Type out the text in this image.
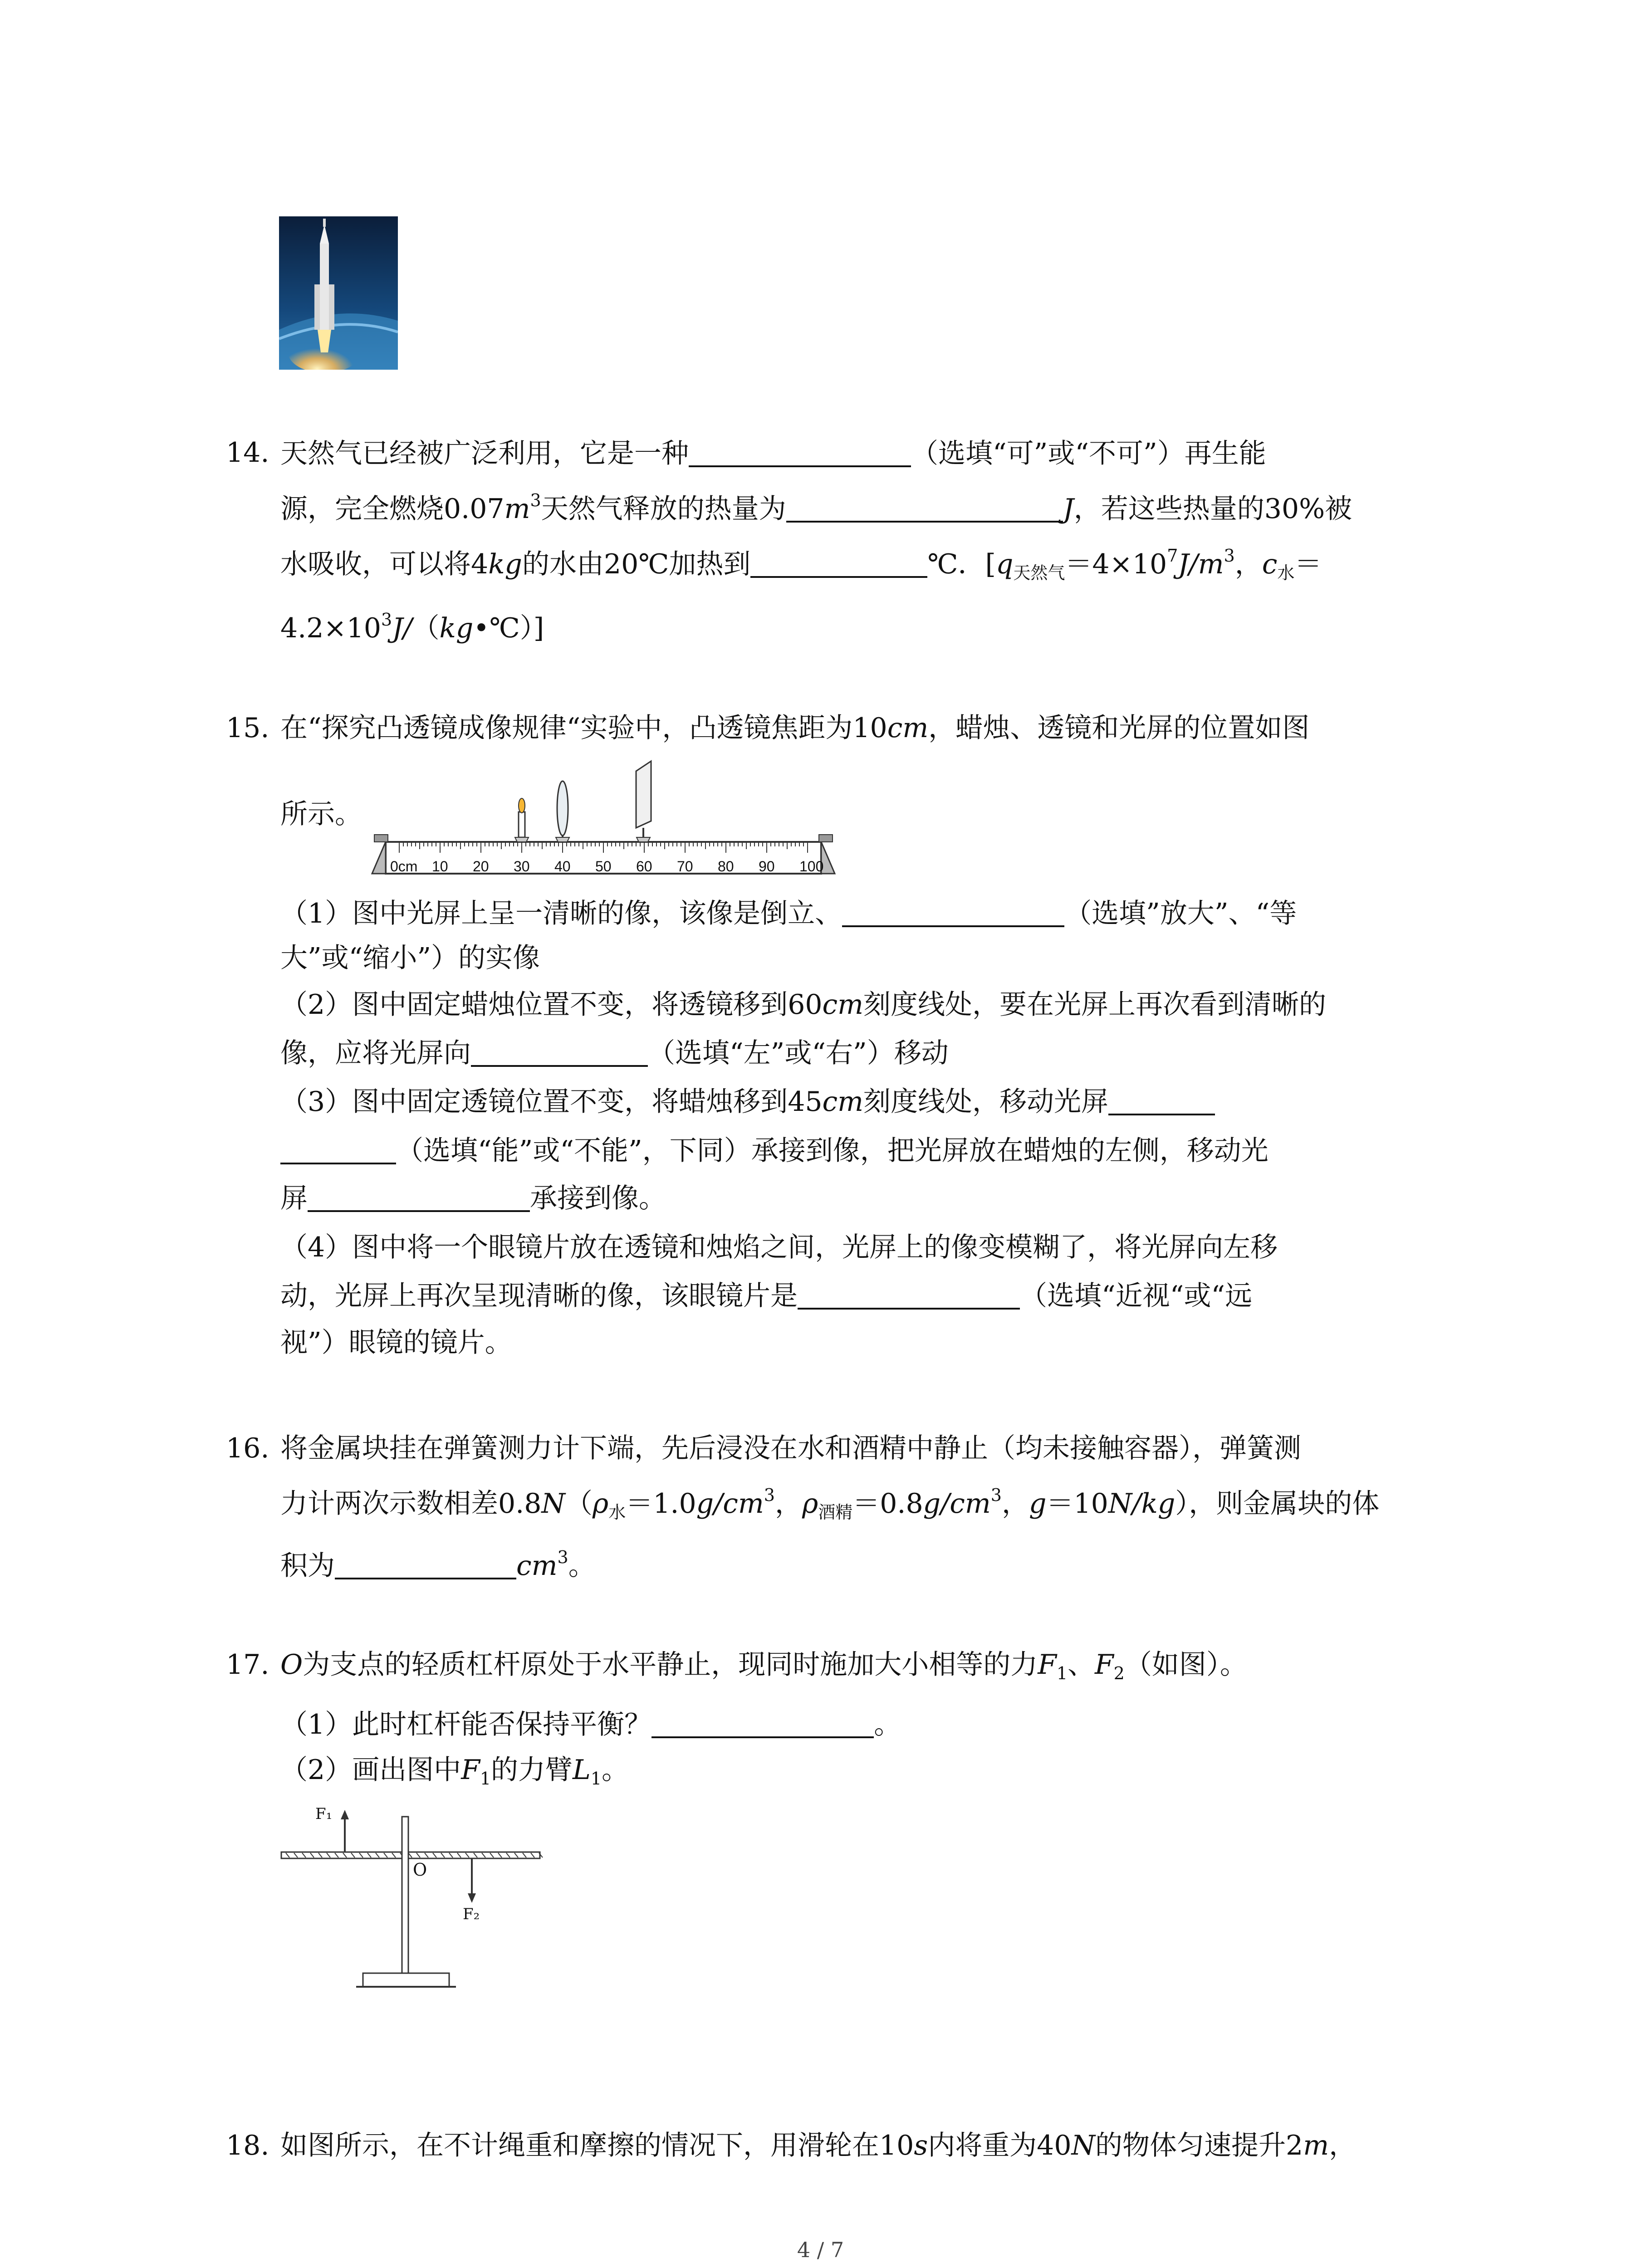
14. 天然气已经被广泛利用，它是一种	（选填“可”或“不可”）再生能
源，完全燃烧$0.07m^3$天然气释放的热量为	J，若这些热量的30%被
水吸收，可以将4kg的水由20℃加热到	℃．[$q_{天然气}=4\times 10^7J/m^3$，$c_水=$
$4.2\times 10^3J/(kg•℃)$]
15. 在“探究凸透镜成像规律“实验中，凸透镜焦距为10cm，蜡烛、透镜和光屏的位置如图
所示。
0cm 10 20 30 40 50 60 70 80 90 100
（1）图中光屏上呈一清晰的像，该像是倒立、	（选填”放大”、“等
大”或“缩小”）的实像
（2）图中固定蜡烛位置不变，将透镜移到60cm刻度线处，要在光屏上再次看到清晰的
像，应将光屏向	（选填“左”或“右”）移动
（3）图中固定透镜位置不变，将蜡烛移到45cm刻度线处，移动光屏
（选填“能”或“不能”，下同）承接到像，把光屏放在蜡烛的左侧，移动光
屏	承接到像。
（4）图中将一个眼镜片放在透镜和烛焰之间，光屏上的像变模糊了，将光屏向左移
动，光屏上再次呈现清晰的像，该眼镜片是	（选填“近视“或“远
视”）眼镜的镜片。
16. 将金属块挂在弹簧测力计下端，先后浸没在水和酒精中静止（均未接触容器），弹簧测
力计两次示数相差$0.8N(\rho_水=1.0g/cm^3$，$\rho_{酒精}=0.8g/cm^3$，g＝10N/kg），则金属块的体
积为	$cm^3$。
17. O为支点的轻质杠杆原处于水平静止，现同时施加大小相等的力$F_1$、$F_2$（如图）。
（1）此时杠杆能否保持平衡？	。
（2）画出图中$F_1$的力臂$L_1$。
F₁
F₂
O
18. 如图所示，在不计绳重和摩擦的情况下，用滑轮在10s内将重为40N的物体匀速提升2m，
4 / 7
